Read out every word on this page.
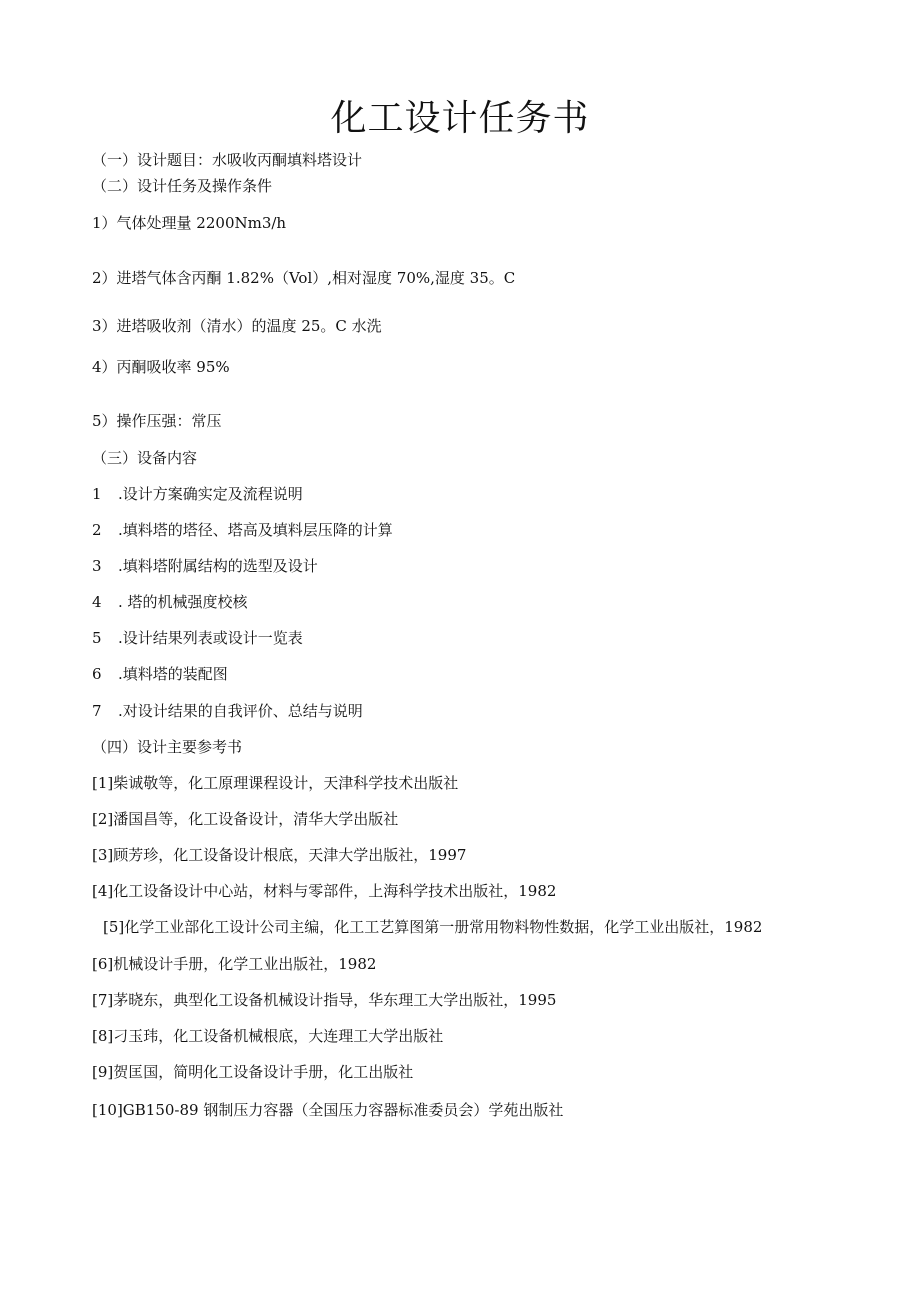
化工设计任务书
（一）设计题目：水吸收丙酮填料塔设计
（二）设计任务及操作条件
1）气体处理量 2200Nm3/h
2）进塔气体含丙酮 1.82%（Vol）,相对湿度 70%,湿度 35。C
3）进塔吸收剂（清水）的温度 25。C 水洗
4）丙酮吸收率 95%
5）操作压强：常压
（三）设备内容
1 .设计方案确实定及流程说明
2 .填料塔的塔径、塔高及填料层压降的计算
3 .填料塔附属结构的选型及设计
4 . 塔的机械强度校核
5 .设计结果列表或设计一览表
6 .填料塔的装配图
7 .对设计结果的自我评价、总结与说明
（四）设计主要参考书
[1]柴诚敬等，化工原理课程设计，天津科学技术出版社
[2]潘国昌等，化工设备设计，清华大学出版社
[3]顾芳珍，化工设备设计根底，天津大学出版社，1997
[4]化工设备设计中心站，材料与零部件，上海科学技术出版社，1982
[5]化学工业部化工设计公司主编，化工工艺算图第一册常用物料物性数据，化学工业出版社，1982
[6]机械设计手册，化学工业出版社，1982
[7]茅晓东，典型化工设备机械设计指导，华东理工大学出版社，1995
[8]刁玉玮，化工设备机械根底，大连理工大学出版社
[9]贺匡国，简明化工设备设计手册，化工出版社
[10]GB150-89 钢制压力容器（全国压力容器标准委员会）学苑出版社
